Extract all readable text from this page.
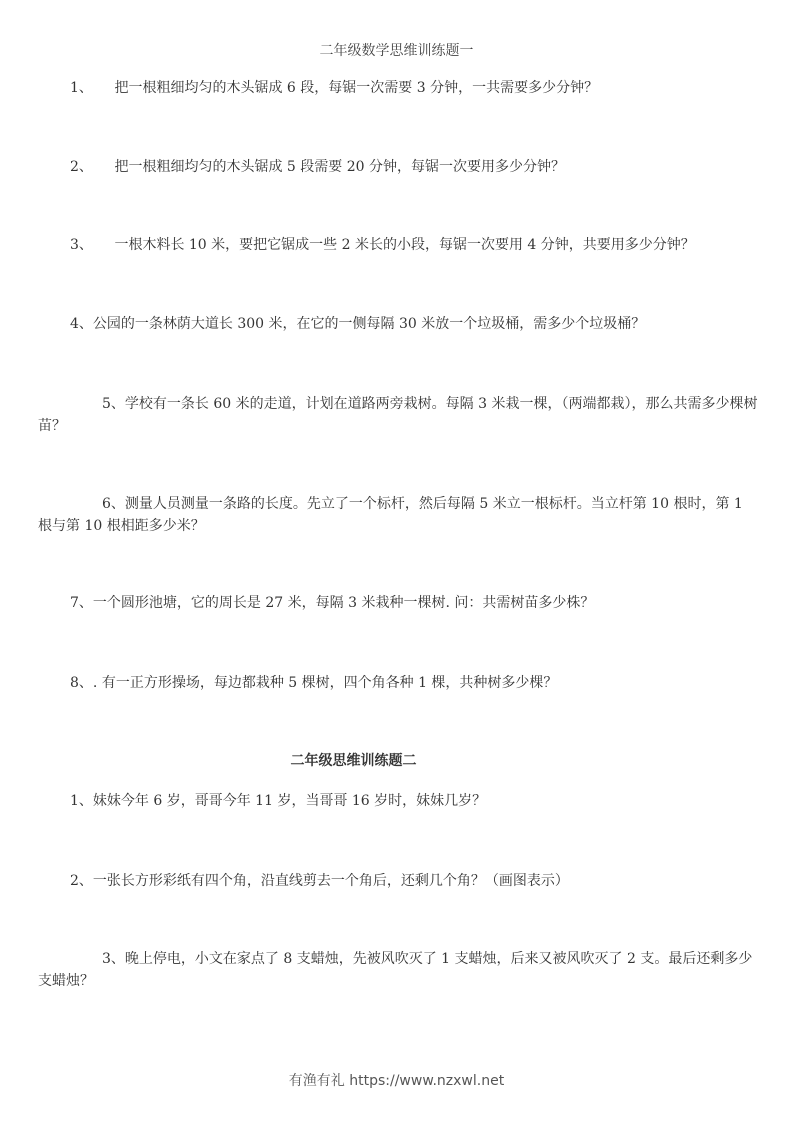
二年级数学思维训练题一
1、 把一根粗细均匀的木头锯成 6 段，每锯一次需要 3 分钟，一共需要多少分钟？
2、 把一根粗细均匀的木头锯成 5 段需要 20 分钟，每锯一次要用多少分钟？
3、 一根木料长 10 米，要把它锯成一些 2 米长的小段，每锯一次要用 4 分钟，共要用多少分钟？
4、公园的一条林荫大道长 300 米，在它的一侧每隔 30 米放一个垃圾桶，需多少个垃圾桶？
5、学校有一条长 60 米的走道，计划在道路两旁栽树。每隔 3 米栽一棵，（两端都栽），那么共需多少棵树苗？
6、测量人员测量一条路的长度。先立了一个标杆，然后每隔 5 米立一根标杆。当立杆第 10 根时，第 1 根与第 10 根相距多少米？
7、一个圆形池塘，它的周长是 27 米，每隔 3 米栽种一棵树. 问：共需树苗多少株？
8、. 有一正方形操场，每边都栽种 5 棵树，四个角各种 1 棵，共种树多少棵？
二年级思维训练题二
1、妹妹今年 6 岁，哥哥今年 11 岁，当哥哥 16 岁时，妹妹几岁？
2、一张长方形彩纸有四个角，沿直线剪去一个角后，还剩几个角？（画图表示）
3、晚上停电，小文在家点了 8 支蜡烛，先被风吹灭了 1 支蜡烛，后来又被风吹灭了 2 支。最后还剩多少支蜡烛？
有渔有礼 https://www.nzxwl.net
